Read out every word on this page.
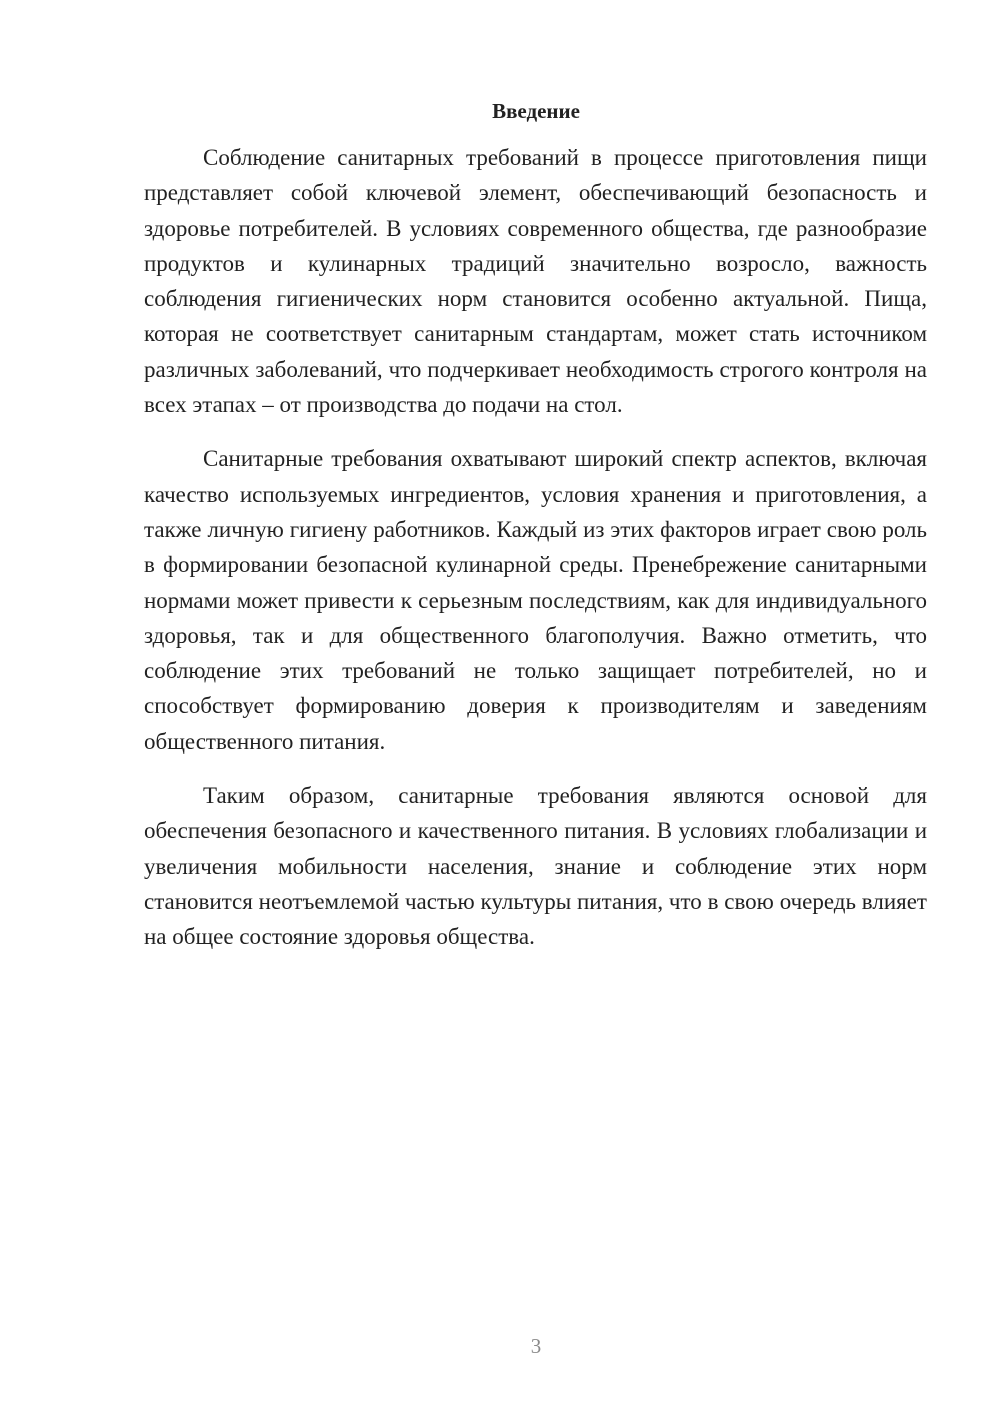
Введение

Соблюдение санитарных требований в процессе приготовления пищи представляет собой ключевой элемент, обеспечивающий безопасность и здоровье потребителей. В условиях современного общества, где разнообразие продуктов и кулинарных традиций значительно возросло, важность соблюдения гигиенических норм становится особенно актуальной. Пища, которая не соответствует санитарным стандартам, может стать источником различных заболеваний, что подчеркивает необходимость строгого контроля на всех этапах – от производства до подачи на стол.

Санитарные требования охватывают широкий спектр аспектов, включая качество используемых ингредиентов, условия хранения и приготовления, а также личную гигиену работников. Каждый из этих факторов играет свою роль в формировании безопасной кулинарной среды. Пренебрежение санитарными нормами может привести к серьезным последствиям, как для индивидуального здоровья, так и для общественного благополучия. Важно отметить, что соблюдение этих требований не только защищает потребителей, но и способствует формированию доверия к производителям и заведениям общественного питания.

Таким образом, санитарные требования являются основой для обеспечения безопасного и качественного питания. В условиях глобализации и увеличения мобильности населения, знание и соблюдение этих норм становится неотъемлемой частью культуры питания, что в свою очередь влияет на общее состояние здоровья общества.

3
